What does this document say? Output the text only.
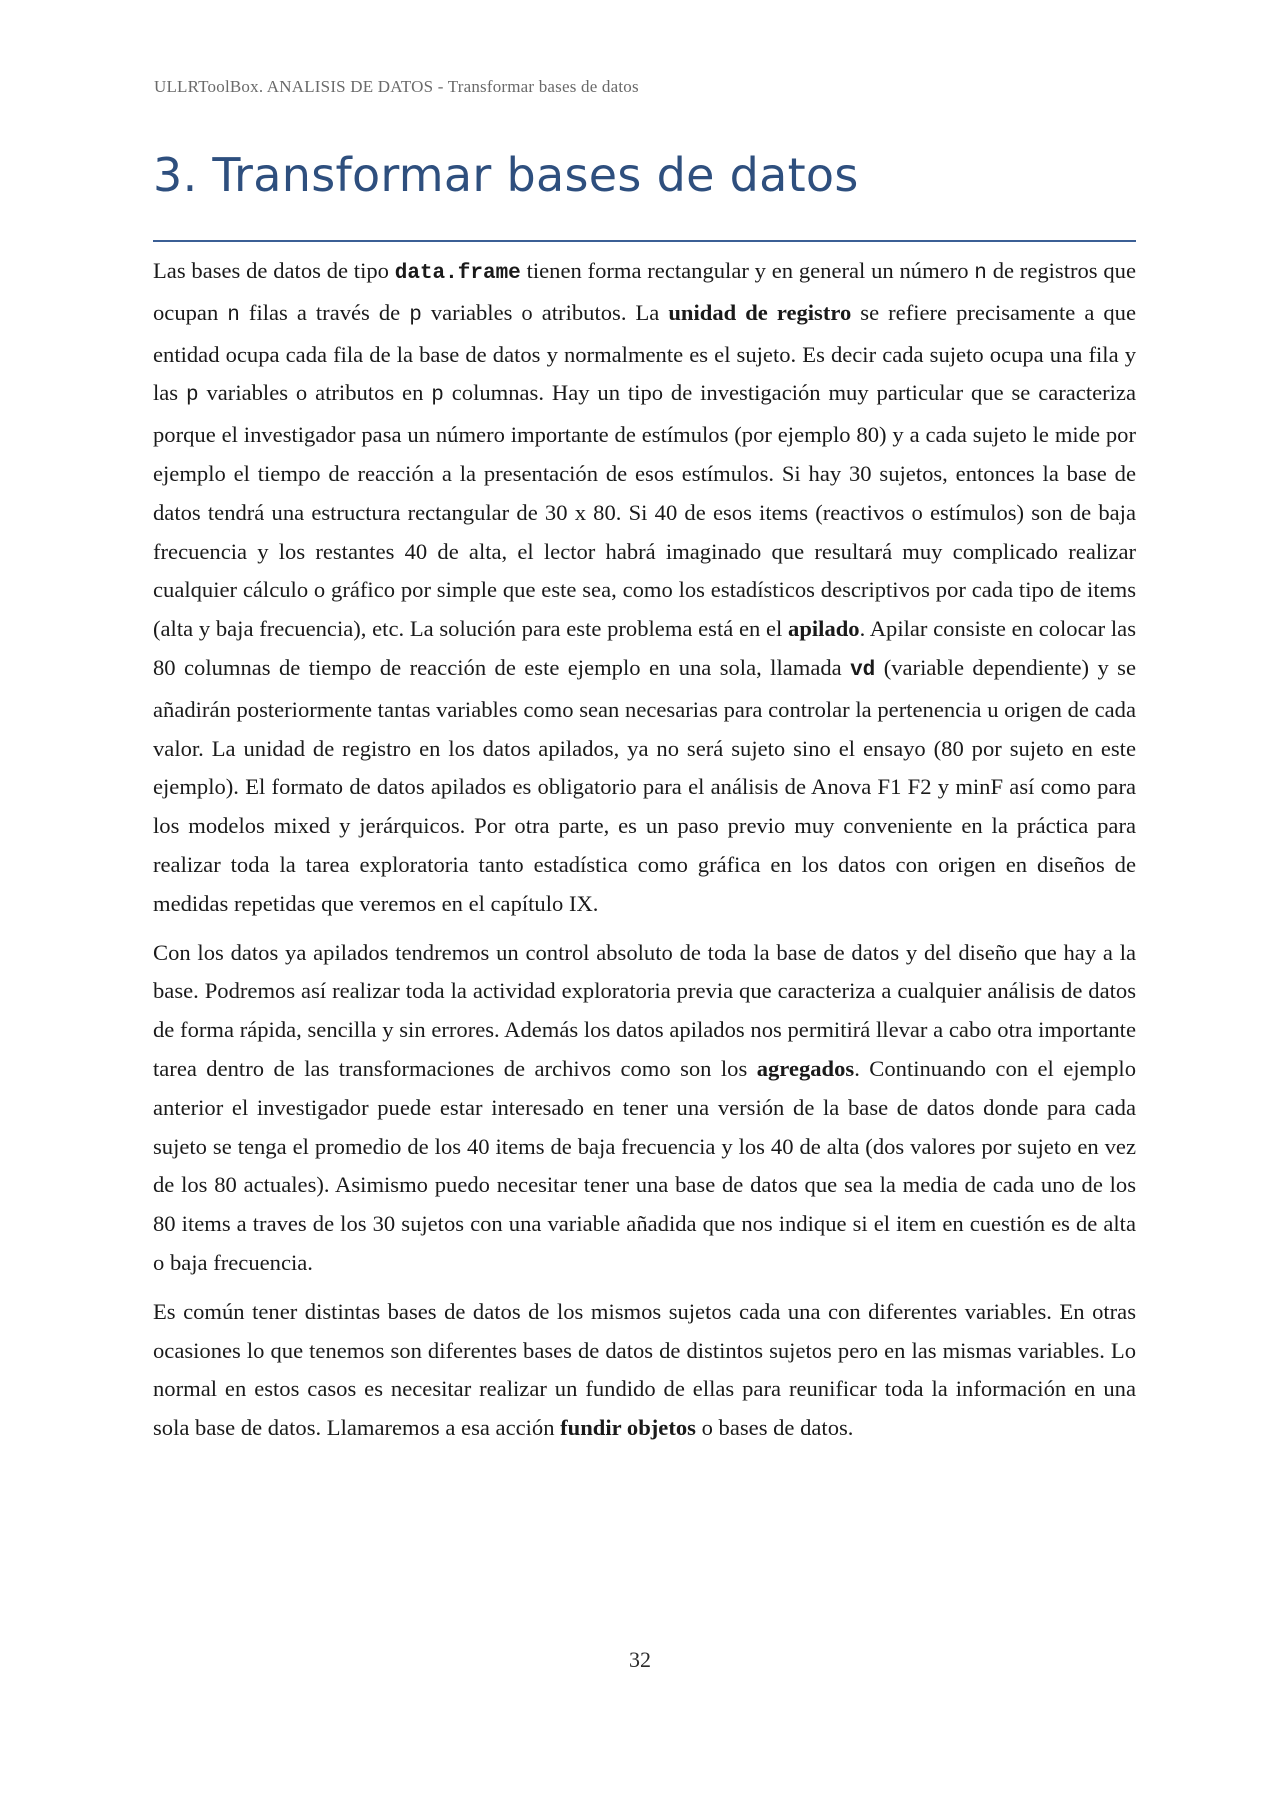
ULLRToolBox. ANALISIS DE DATOS - Transformar bases de datos
3. Transformar bases de datos

Las bases de datos de tipo data.frame tienen forma rectangular y en general un número n de registros que ocupan n filas a través de p variables o atributos. La unidad de registro se refiere precisamente a que entidad ocupa cada fila de la base de datos y normalmente es el sujeto. Es decir cada sujeto ocupa una fila y las p variables o atributos en p columnas. Hay un tipo de investigación muy particular que se caracteriza porque el investigador pasa un número importante de estímulos (por ejemplo 80) y a cada sujeto le mide por ejemplo el tiempo de reacción a la presentación de esos estímulos. Si hay 30 sujetos, entonces la base de datos tendrá una estructura rectangular de 30 x 80. Si 40 de esos items (reactivos o estímulos) son de baja frecuencia y los restantes 40 de alta, el lector habrá imaginado que resultará muy complicado realizar cualquier cálculo o gráfico por simple que este sea, como los estadísticos descriptivos por cada tipo de items (alta y baja frecuencia), etc. La solución para este problema está en el apilado. Apilar consiste en colocar las 80 columnas de tiempo de reacción de este ejemplo en una sola, llamada vd (variable dependiente) y se añadirán posteriormente tantas variables como sean necesarias para controlar la pertenencia u origen de cada valor. La unidad de registro en los datos apilados, ya no será sujeto sino el ensayo (80 por sujeto en este ejemplo). El formato de datos apilados es obligatorio para el análisis de Anova F1 F2 y minF así como para los modelos mixed y jerárquicos. Por otra parte, es un paso previo muy conveniente en la práctica para realizar toda la tarea exploratoria tanto estadística como gráfica en los datos con origen en diseños de medidas repetidas que veremos en el capítulo IX.

Con los datos ya apilados tendremos un control absoluto de toda la base de datos y del diseño que hay a la base. Podremos así realizar toda la actividad exploratoria previa que caracteriza a cualquier análisis de datos de forma rápida, sencilla y sin errores. Además los datos apilados nos permitirá llevar a cabo otra importante tarea dentro de las transformaciones de archivos como son los agregados. Continuando con el ejemplo anterior el investigador puede estar interesado en tener una versión de la base de datos donde para cada sujeto se tenga el promedio de los 40 items de baja frecuencia y los 40 de alta (dos valores por sujeto en vez de los 80 actuales). Asimismo puedo necesitar tener una base de datos que sea la media de cada uno de los 80 items a traves de los 30 sujetos con una variable añadida que nos indique si el item en cuestión es de alta o baja frecuencia.

Es común tener distintas bases de datos de los mismos sujetos cada una con diferentes variables. En otras ocasiones lo que tenemos son diferentes bases de datos de distintos sujetos pero en las mismas variables. Lo normal en estos casos es necesitar realizar un fundido de ellas para reunificar toda la información en una sola base de datos. Llamaremos a esa acción fundir objetos o bases de datos.

32
